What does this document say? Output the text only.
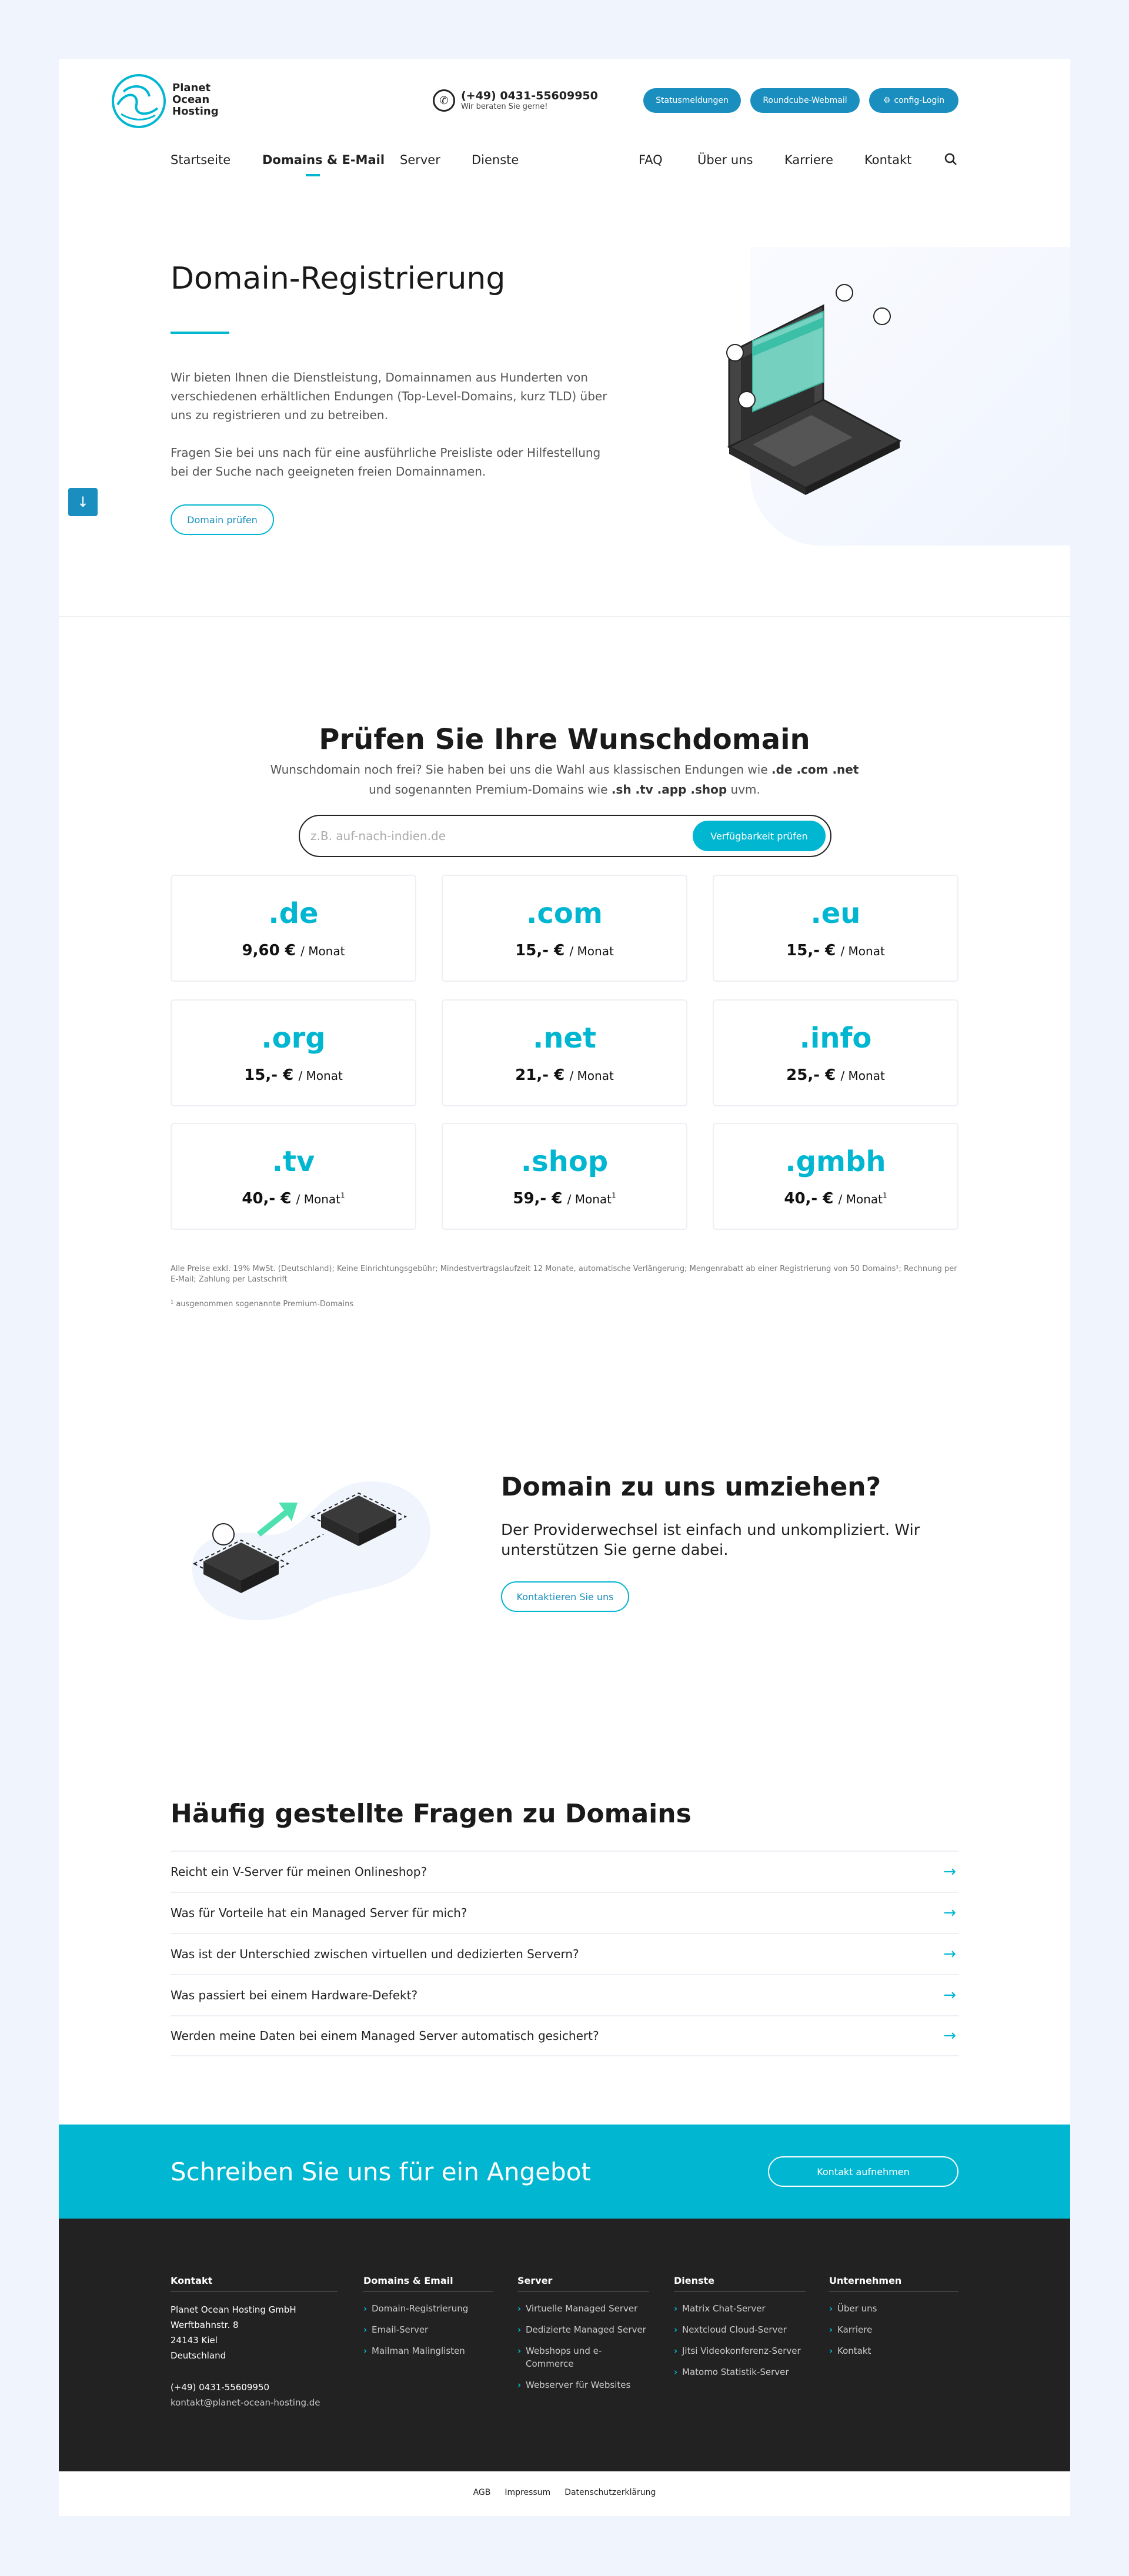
Planet
Ocean
Hosting
✆	(+49) 0431-55609950
Wir beraten Sie gerne!
Statusmeldungen	Roundcube-Webmail	⚙ config-Login
Startseite	Domains & E-Mail Server	Dienste	FAQ	Über uns	Karriere	Kontakt
Domain-Registrierung

Wir bieten Ihnen die Dienstleistung, Domainnamen aus Hunderten von verschiedenen erhältlichen Endungen (Top-Level-Domains, kurz TLD) über uns zu registrieren und zu betreiben.

Fragen Sie bei uns nach für eine ausführliche Preisliste oder Hilfestellung bei der Suche nach geeigneten freien Domainnamen.

Domain prüfen
↓
Prüfen Sie Ihre Wunschdomain
Wunschdomain noch frei? Sie haben bei uns die Wahl aus klassischen Endungen wie .de .com .net
und sogenannten Premium-Domains wie .sh .tv .app .shop uvm.
z.B. auf-nach-indien.de
Verfügbarkeit prüfen
.de
9,60 € / Monat
.com
15,- € / Monat
.eu
15,- € / Monat
.org
15,- € / Monat
.net
21,- € / Monat
.info
25,- € / Monat
.tv
40,- € / Monat$^1$
.shop
59,- € / Monat$^1$
.gmbh
40,- € / Monat$^1$

Alle Preise exkl. 19% MwSt. (Deutschland); Keine Einrichtungsgebühr; Mindestvertragslaufzeit 12 Monate, automatische Verlängerung; Mengenrabatt ab einer Registrierung von 50 Domains¹; Rechnung per E-Mail; Zahlung per Lastschrift

¹ ausgenommen sogenannte Premium-Domains

Domain zu uns umziehen?

Der Providerwechsel ist einfach und unkompliziert. Wir unterstützen Sie gerne dabei.

Kontaktieren Sie uns
Häufig gestellte Fragen zu Domains
Reicht ein V-Server für meinen Onlineshop?	→
Was für Vorteile hat ein Managed Server für mich?	→
Was ist der Unterschied zwischen virtuellen und dedizierten Servern?	→
Was passiert bei einem Hardware-Defekt?	→
Werden meine Daten bei einem Managed Server automatisch gesichert?	→
Schreiben Sie uns für ein Angebot	Kontakt aufnehmen
Kontakt
Planet Ocean Hosting GmbH
Werftbahnstr. 8
24143 Kiel
Deutschland
(+49) 0431-55609950
kontakt@planet-ocean-hosting.de
Domains & Email
› Domain-Registrierung
› Email-Server
› Mailman Malinglisten
Server
› Virtuelle Managed Server
› Dedizierte Managed Server
› Webshops und e-Commerce
› Webserver für Websites
Dienste
› Matrix Chat-Server
› Nextcloud Cloud-Server
› Jitsi Videokonferenz-Server
› Matomo Statistik-Server
Unternehmen
› Über uns
› Karriere
› Kontakt
AGB Impressum Datenschutzerklärung
